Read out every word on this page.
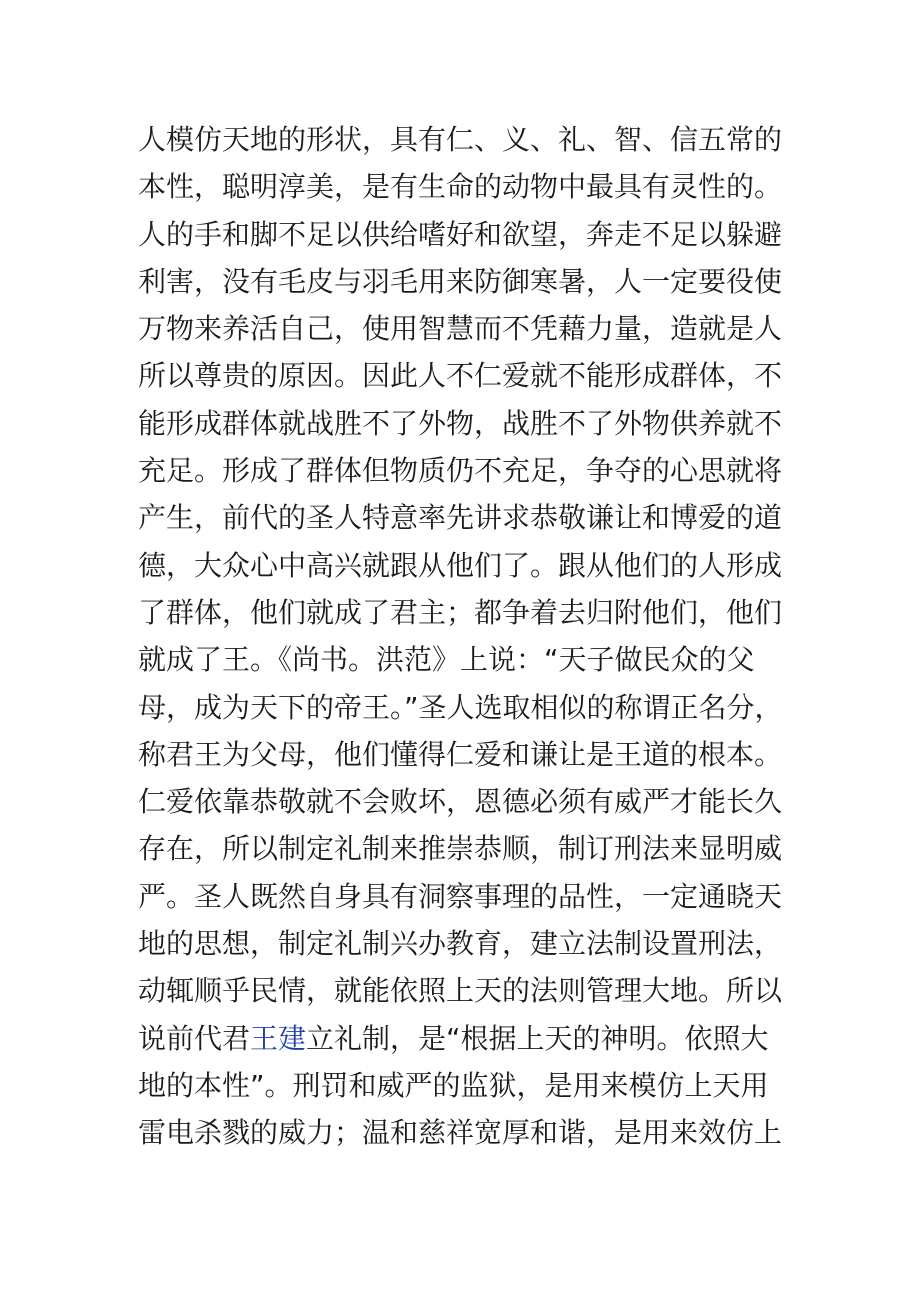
人模仿天地的形状，具有仁、义、礼、智、信五常的
本性，聪明淳美，是有生命的动物中最具有灵性的。
人的手和脚不足以供给嗜好和欲望，奔走不足以躲避
利害，没有毛皮与羽毛用来防御寒暑，人一定要役使
万物来养活自己，使用智慧而不凭藉力量，造就是人
所以尊贵的原因。因此人不仁爱就不能形成群体，不
能形成群体就战胜不了外物，战胜不了外物供养就不
充足。形成了群体但物质仍不充足，争夺的心思就将
产生，前代的圣人特意率先讲求恭敬谦让和博爱的道
德，大众心中高兴就跟从他们了。跟从他们的人形成
了群体，他们就成了君主；都争着去归附他们，他们
就成了王。《尚书。洪范》上说：“天子做民众的父
母，成为天下的帝王。”圣人选取相似的称谓正名分，
称君王为父母，他们懂得仁爱和谦让是王道的根本。
仁爱依靠恭敬就不会败坏，恩德必须有威严才能长久
存在，所以制定礼制来推崇恭顺，制订刑法来显明威
严。圣人既然自身具有洞察事理的品性，一定通晓天
地的思想，制定礼制兴办教育，建立法制设置刑法，
动辄顺乎民情，就能依照上天的法则管理大地。所以
说前代君王建立礼制，是“根据上天的神明。依照大
地的本性”。刑罚和威严的监狱，是用来模仿上天用
雷电杀戮的威力；温和慈祥宽厚和谐，是用来效仿上
